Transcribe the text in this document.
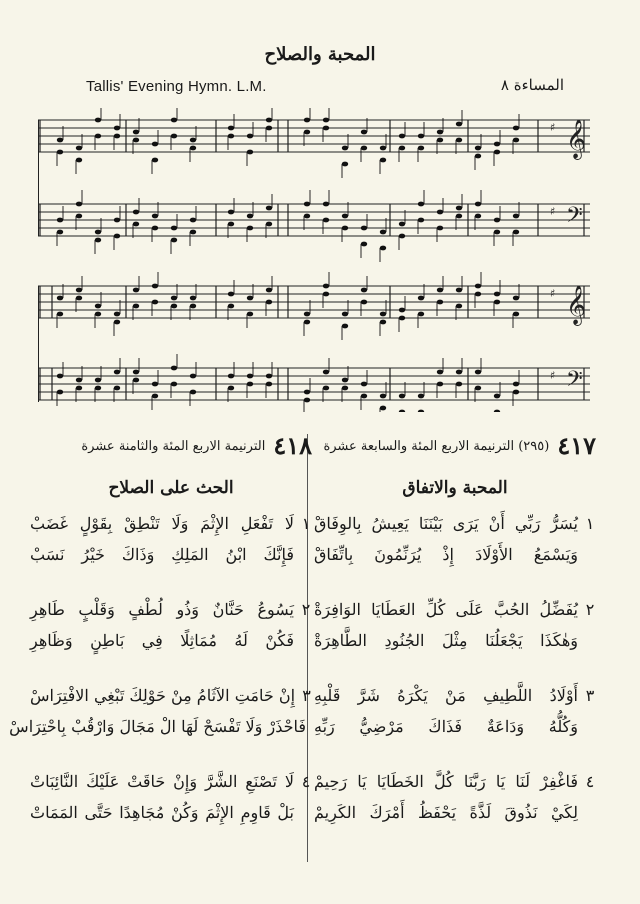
المحبة والصلاح
Tallis' Evening Hymn. L.M.	المساءة ٨
𝄞
♯
𝄢
♯
𝄞
♯
𝄢
♯
٤١٧
(٢٩٥) الترنيمة الاربع المئة والسابعة عشرة
المحبة والاتفاق
١
يُسَرُّ رَبِّي أَنْ يَرَى بَيْنَنَا يَعِيشُ بِالوِفَاقْ
وَيَسْمَعُ الأَوْلَادَ إِذْ يُرَنِّمُونَ بِاتِّفَاقْ
٢
يُفَضِّلُ الحُبَّ عَلَى كُلِّ العَطَايَا الوَافِرَةْ
وَهٰكَذَا يَجْعَلُنَا مِثْلَ الجُنُودِ الطَّاهِرَةْ
٣
أَوْلَادُ اللَّطِيفِ مَنْ يَكْرَهُ شَرَّ قَلْبِهِ
وَكُلُّهُ وَدَاعَةٌ فَذَاكَ مَرْضِيُّ رَبِّهِ
٤
فَاغْفِرْ لَنَا يَا رَبَّنَا كُلَّ الخَطَايَا يَا رَحِيمْ
لِكَيْ نَذُوقَ لَذَّةً يَحْفَظُ أَمْرَكَ الكَرِيمْ
٤١٨
الترنيمة الاربع المئة والثامنة عشرة
الحث على الصلاح
١
لَا تَفْعَلِ الإِثْمَ وَلَا تَنْطِقْ بِقَوْلٍ غَضَبْ
فَإِنَّكَ ابْنُ المَلِكِ وَذَاكَ خَيْرُ نَسَبْ
٢
يَسُوعُ حَنَّانٌ وَذُو لُطْفٍ وَقَلْبٍ طَاهِرِ
فَكُنْ لَهُ مُمَاثِلًا فِي بَاطِنٍ وَظَاهِرِ
٣
إِنْ حَامَتِ الآثَامُ مِنْ حَوْلِكَ تَبْغِي الافْتِرَاسْ
فَاحْذَرْ وَلَا تَفْسَحْ لَهَا الْ مَجَالَ وَارْقُبْ بِاحْتِرَاسْ
٤
لَا تَصْنَعِ الشَّرَّ وَإِنْ حَاقَتْ عَلَيْكَ النَّائِبَاتْ
بَلْ قَاوِمِ الإِثْمَ وَكُنْ مُجَاهِدًا حَتَّى المَمَاتْ
